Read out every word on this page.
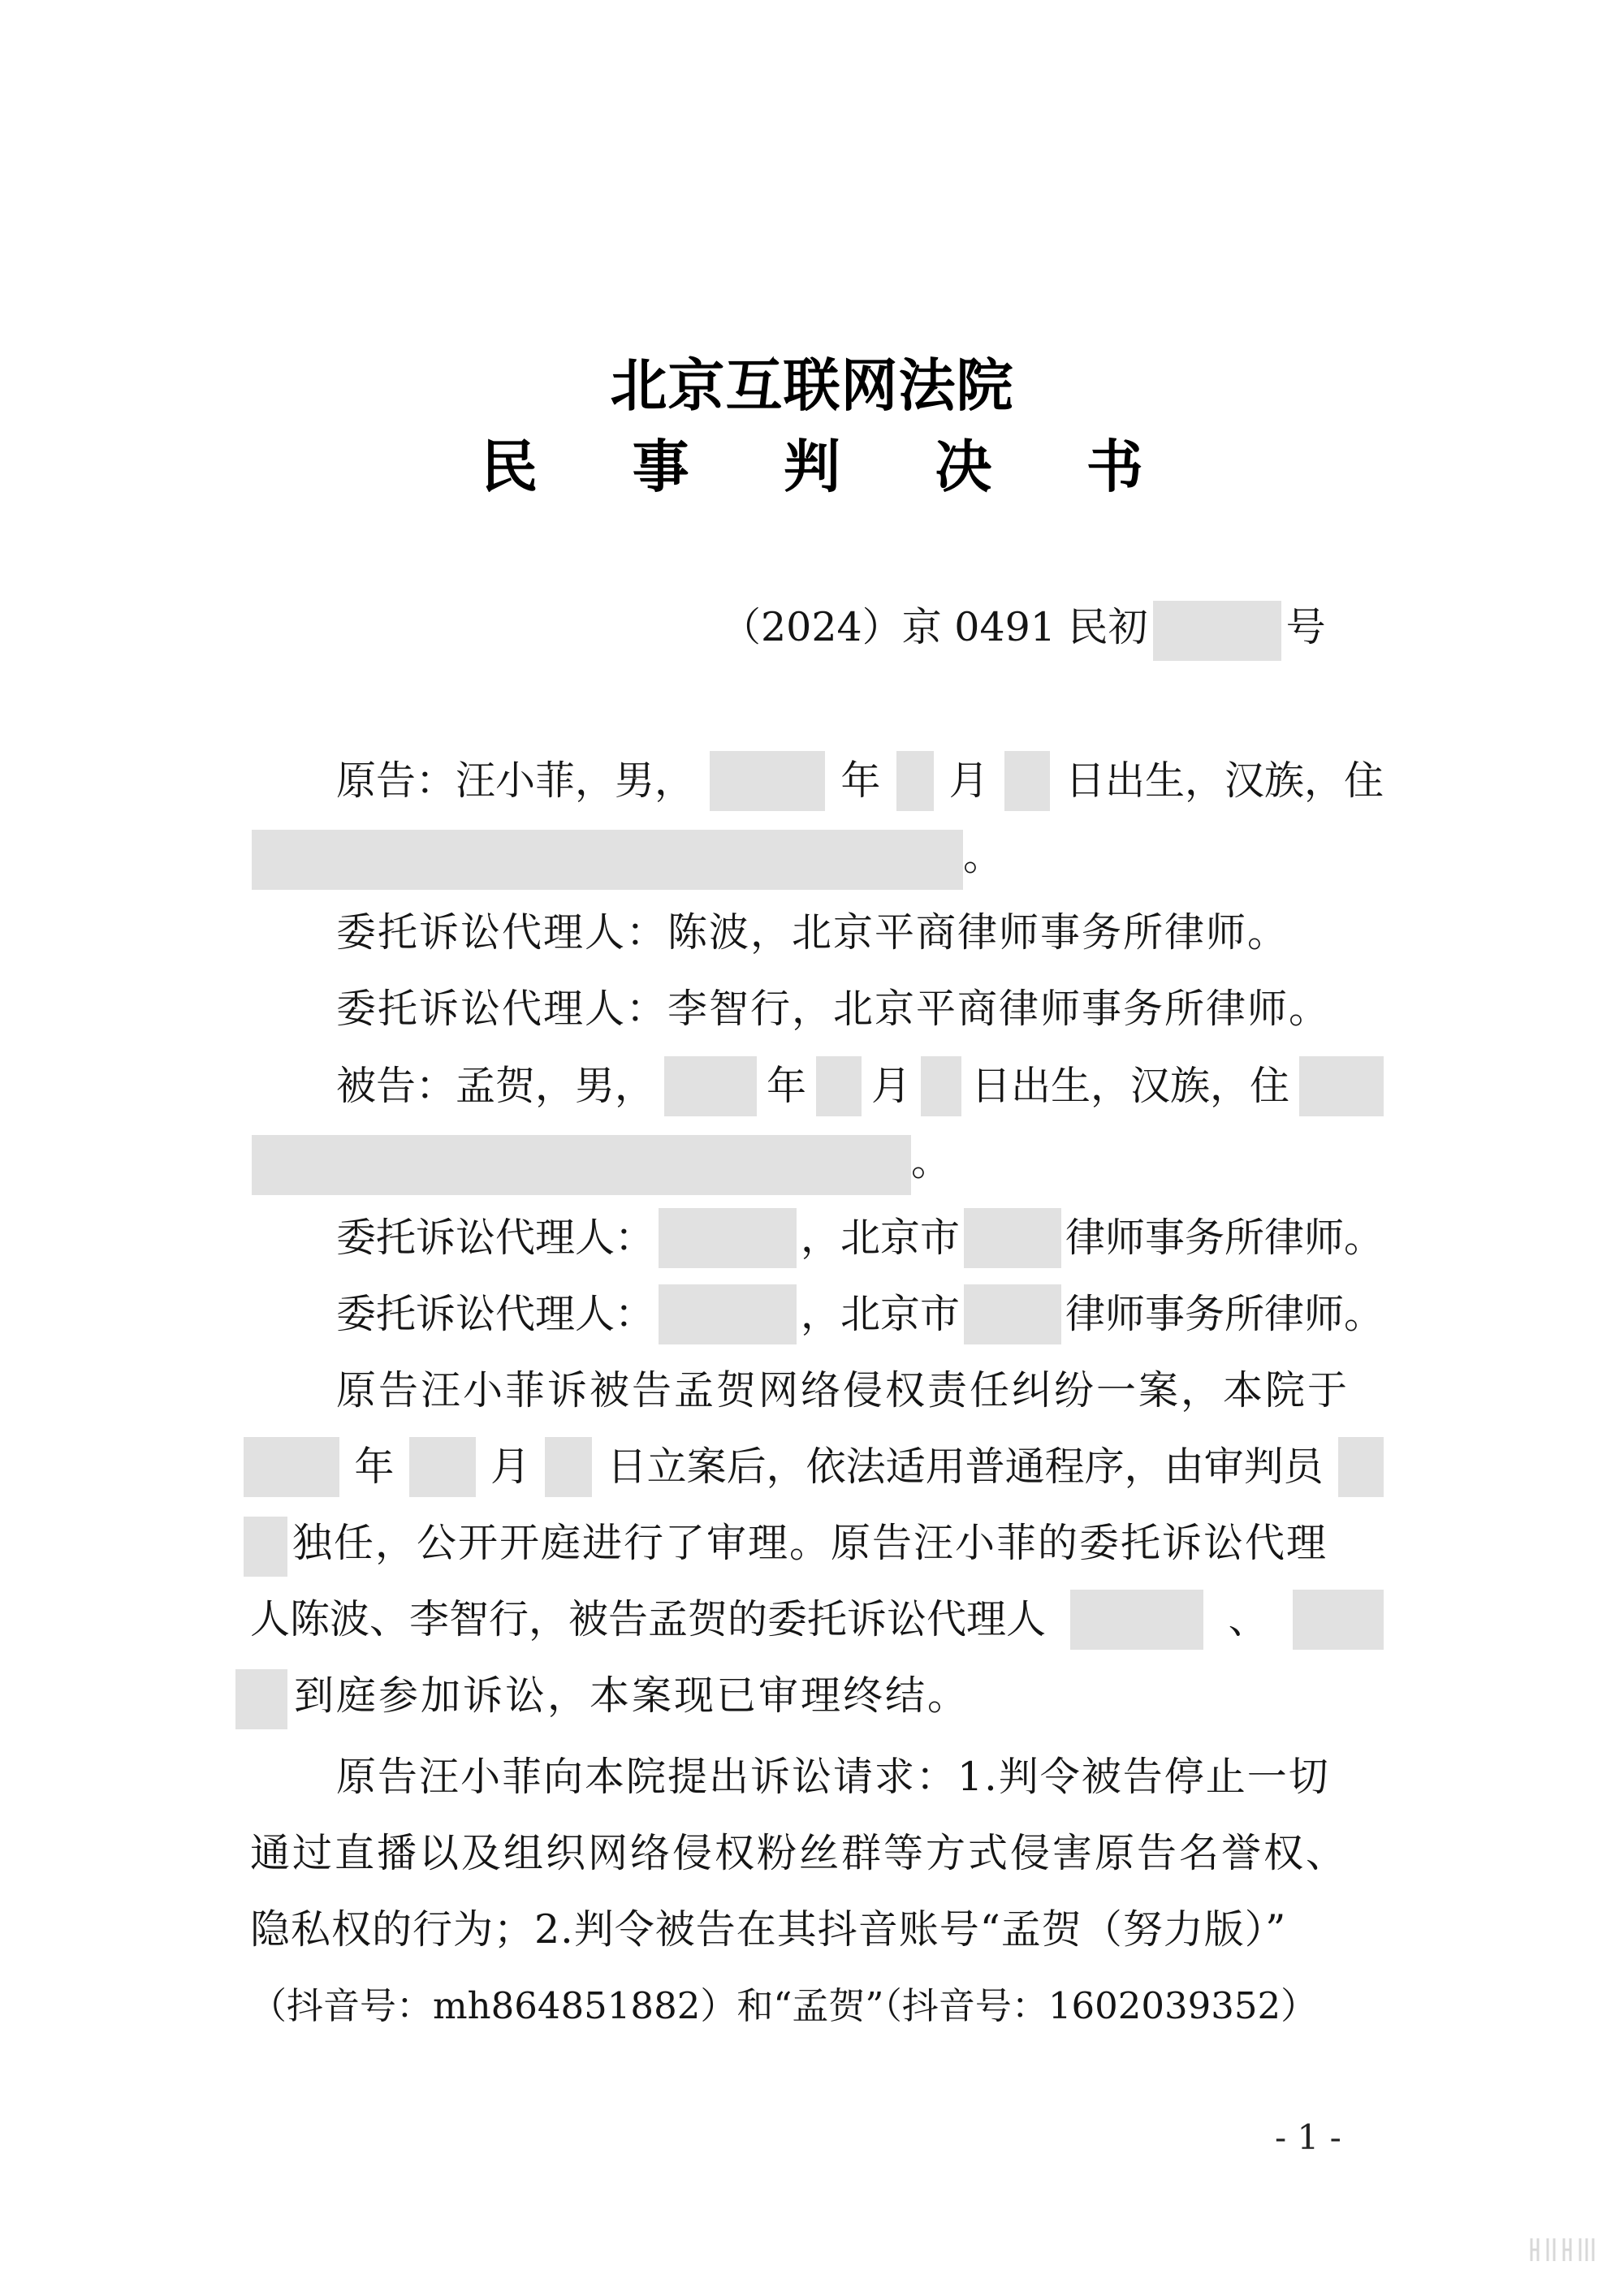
北京互联网法院
民 事 判 决 书
（2024）京 0491 民初	号
原告：汪小菲，男，	年 月 日出生，汉族，住
。
委托诉讼代理人：陈波，北京平商律师事务所律师。
委托诉讼代理人：李智行，北京平商律师事务所律师。
被告：孟贺，男，	年 月 日出生，汉族，住
。
委托诉讼代理人：	，北京市	律师事务所律师。
委托诉讼代理人：	，北京市	律师事务所律师。
原告汪小菲诉被告孟贺网络侵权责任纠纷一案，本院于
年 月 日立案后，依法适用普通程序，由审判员
独任，公开开庭进行了审理。原告汪小菲的委托诉讼代理
人陈波、李智行，被告孟贺的委托诉讼代理人	、
到庭参加诉讼，本案现已审理终结。
原告汪小菲向本院提出诉讼请求：1.判令被告停止一切
通过直播以及组织网络侵权粉丝群等方式侵害原告名誉权、
隐私权的行为；2.判令被告在其抖音账号“孟贺（努力版）”
（抖音号：mh864851882）和“孟贺”（抖音号：1602039352）
- 1 -
